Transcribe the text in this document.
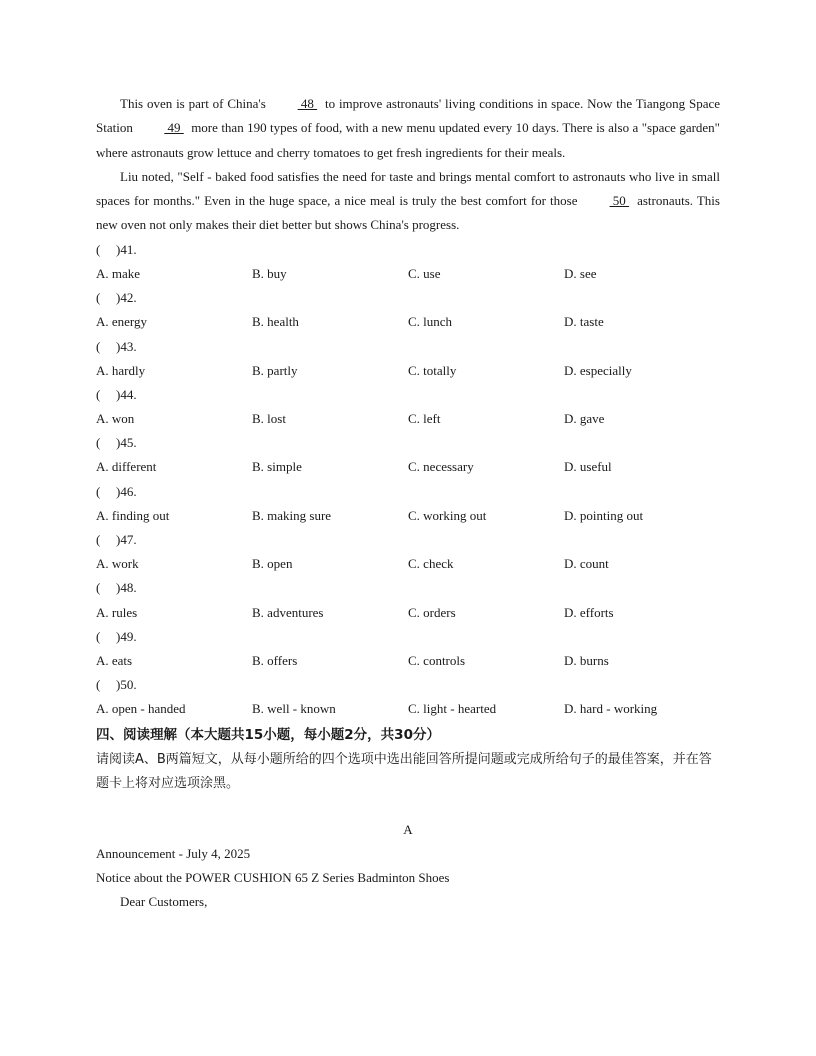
This oven is part of China's  48  to improve astronauts' living conditions in space. Now the Tiangong Space Station  49  more than 190 types of food, with a new menu updated every 10 days. There is also a "space garden" where astronauts grow lettuce and cherry tomatoes to get fresh ingredients for their meals.

Liu noted, "Self - baked food satisfies the need for taste and brings mental comfort to astronauts who live in small spaces for months." Even in the huge space, a nice meal is truly the best comfort for those  50  astronauts. This new oven not only makes their diet better but shows China's progress.

( )41.
A. make	B. buy	C. use	D. see
( )42.
A. energy	B. health	C. lunch	D. taste
( )43.
A. hardly	B. partly	C. totally	D. especially
( )44.
A. won	B. lost	C. left	D. gave
( )45.
A. different	B. simple	C. necessary	D. useful
( )46.
A. finding out	B. making sure	C. working out	D. pointing out
( )47.
A. work	B. open	C. check	D. count
( )48.
A. rules	B. adventures	C. orders	D. efforts
( )49.
A. eats	B. offers	C. controls	D. burns
( )50.
A. open - handed	B. well - known	C. light - hearted	D. hard - working
四、阅读理解（本大题共15小题，每小题2分，共30分）
请阅读A、B两篇短文，从每小题所给的四个选项中选出能回答所提问题或完成所给句子的最佳答案，并在答题卡上将对应选项涂黑。
A
Announcement - July 4, 2025
Notice about the POWER CUSHION 65 Z Series Badminton Shoes
Dear Customers,
